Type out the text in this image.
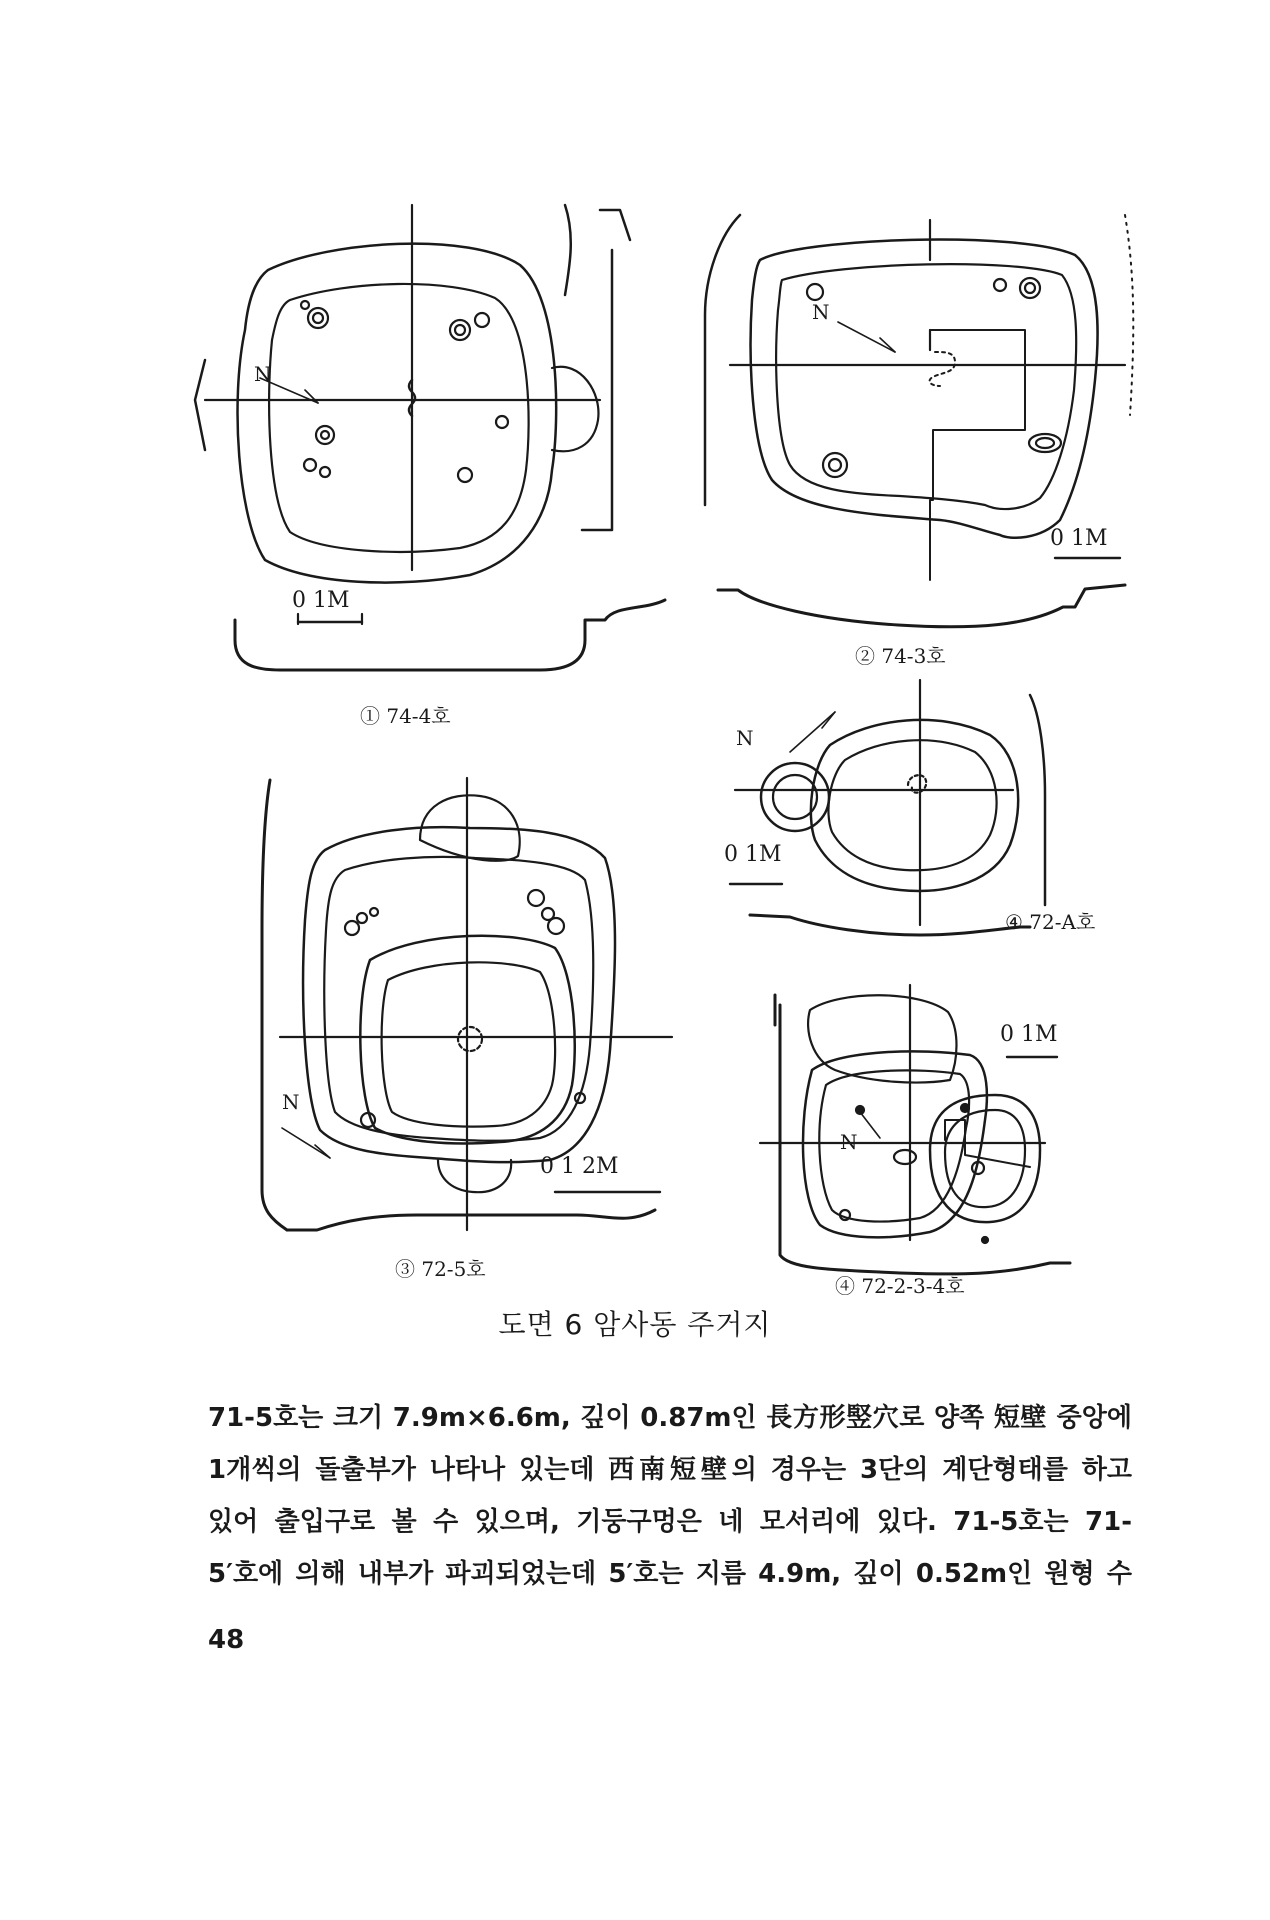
① 74-4호
② 74-3호
③ 72-5호
④ 72-A호
④ 72-2-3-4호
0 1M
0 1M
0 1 2M
0 1M
0 1M
N
N
N
N
N
도면 6 암사동 주거지
71-5호는 크기 7.9m×6.6m, 깊이 0.87m인 長方形竪穴로 양쪽 短壁 중앙에
1개씩의 돌출부가 나타나 있는데 西南短壁의 경우는 3단의 계단형태를 하고
있어 출입구로 볼 수 있으며, 기둥구멍은 네 모서리에 있다. 71-5호는 71-
5′호에 의해 내부가 파괴되었는데 5′호는 지름 4.9m, 깊이 0.52m인 원형 수
48
